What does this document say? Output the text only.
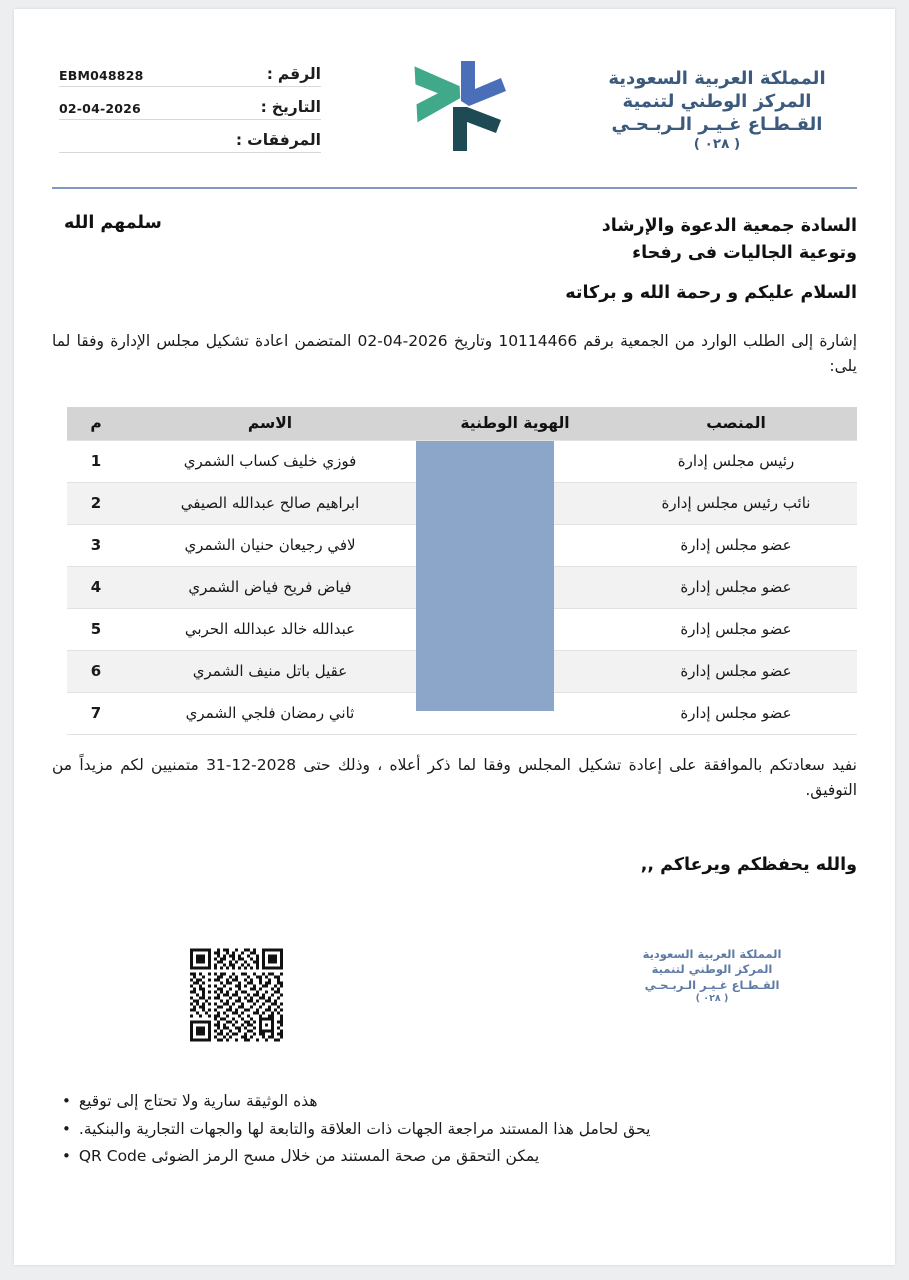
الرقم
:
EBM048828
التاريخ
:
02-04-2026
المرفقات
:
المملكة العربية السعودية
المركز الوطني لتنمية
القـطـاع غـيـر الـربـحـي
( ٠٢٨ )
السادة جمعية الدعوة والإرشاد
وتوعية الجاليات فى رفحاء
سلمهم الله
السلام عليكم و رحمة الله و بركاته
إشارة إلى الطلب الوارد من الجمعية برقم 10114466 وتاريخ 2026-04-02 المتضمن اعادة تشكيل مجلس الإدارة وفقا لما يلى:
المنصب	الهوية الوطنية	الاسم	م
رئيس مجلس إدارة		فوزي خليف كساب الشمري	1
نائب رئيس مجلس إدارة		ابراهيم صالح عبدالله الصيفي	2
عضو مجلس إدارة		لافي رجيعان حنيان الشمري	3
عضو مجلس إدارة		فياض فريح فياض الشمري	4
عضو مجلس إدارة		عبدالله خالد عبدالله الحربي	5
عضو مجلس إدارة		عقيل باتل منيف الشمري	6
عضو مجلس إدارة		ثاني رمضان فلجي الشمري	7
نفيد سعادتكم بالموافقة على إعادة تشكيل المجلس وفقا لما ذكر أعلاه ، وذلك حتى 2028-12-31 متمنيين لكم مزيداً من التوفيق.
والله يحفظكم ويرعاكم ,,
المملكة العربية السعودية
المركز الوطني لتنمية
القـطـاع غـيـر الـربـحـي
( ٠٢٨ )
هذه الوثيقة سارية ولا تحتاج إلى توقيع
•
يحق لحامل هذا المستند مراجعة الجهات ذات العلاقة والتابعة لها والجهات التجارية والبنكية.
•
يمكن التحقق من صحة المستند من خلال مسح الرمز الضوئى QR Code
•
